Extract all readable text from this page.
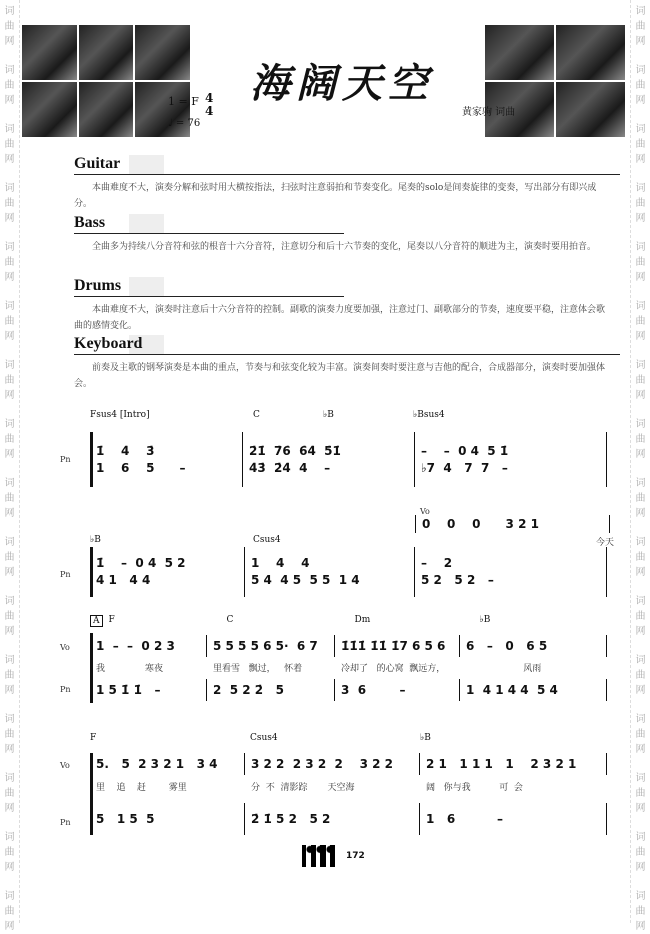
词
曲
网
词
曲
网
词
曲
网
词
曲
网
词
曲
网
词
曲
网
词
曲
网
词
曲
网
词
曲
网
词
曲
网
词
曲
网
词
曲
网
词
曲
网
词
曲
网
词
曲
网
词
曲
网
词
曲
网
词
曲
网
词
曲
网
词
曲
网
词
曲
网
词
曲
网
词
曲
网
词
曲
网
词
曲
网
词
曲
网
词
曲
网
词
曲
网
词
曲
网
词
曲
网
词
曲
网
词
曲
网
海阔天空
1 = F 4
4
♩ = 76
黄家驹 词曲
Guitar

本曲难度不大，演奏分解和弦时用大横按指法，扫弦时注意弱拍和节奏变化。尾奏的solo是间奏旋律的变奏，写出部分有即兴成分。

Bass

全曲多为持续八分音符和弦的根音十六分音符，注意切分和后十六节奏的变化，尾奏以八分音符的顺进为主，演奏时要用拍音。

Drums

本曲难度不大，演奏时注意后十六分音符的控制。副歌的演奏力度要加强，注意过门、副歌部分的节奏，速度要平稳，注意体会歌曲的感情变化。

Keyboard

前奏及主歌的钢琴演奏是本曲的重点，节奏与和弦变化较为丰富。演奏间奏时要注意与吉他的配合，合成器部分，演奏时要加强体会。

Fsus4 [Intro]	C	♭B	♭Bsus4
Pn
1̇    4̇    3̇
1    6    5      –
2̇1̇  7̇6̇  6̇4̇  5̇1̇
4̇3̇  2̇4̇  4    –
–    –  0 4  5 1̇
♭7  4   7  7   –
Vo
0    0    0      3 2 1
今天
♭B	Csus4
Pn
1̇    –  0 4  5 2
4 1   4 4
1    4    4
5 4  4 5  5 5  1 4
–    2
5 2   5 2   –
A	F	C	Dm	♭B
Vo	1  –  –  0 2 3	5 5 5 5 6 5·  6 7	1̇1̇1̇ 1̇1̇ 1̇7 6 5 6	6   –   0   6 5
我              寒夜	里看雪   飘过，   怀着	冷却了   的心窝  飘远方，	风雨
Pn	1 5 1̇ 1̇   –	2  5 2 2̇   5	3  6        –	1  4 1 4 4  5 4
F	Csus4	♭B
Vo	5.   5  2 3 2 1   3 4	3 2 2  2 3 2  2    3 2 2	2 1   1 1 1   1    2 3 2 1
里    追    赶        雾里	分  不  清影踪       天空海	阔   你与我          可  会
Pn	5   1 5  5	2̇ 1̇ 5 2   5 2	1   6          –
172
